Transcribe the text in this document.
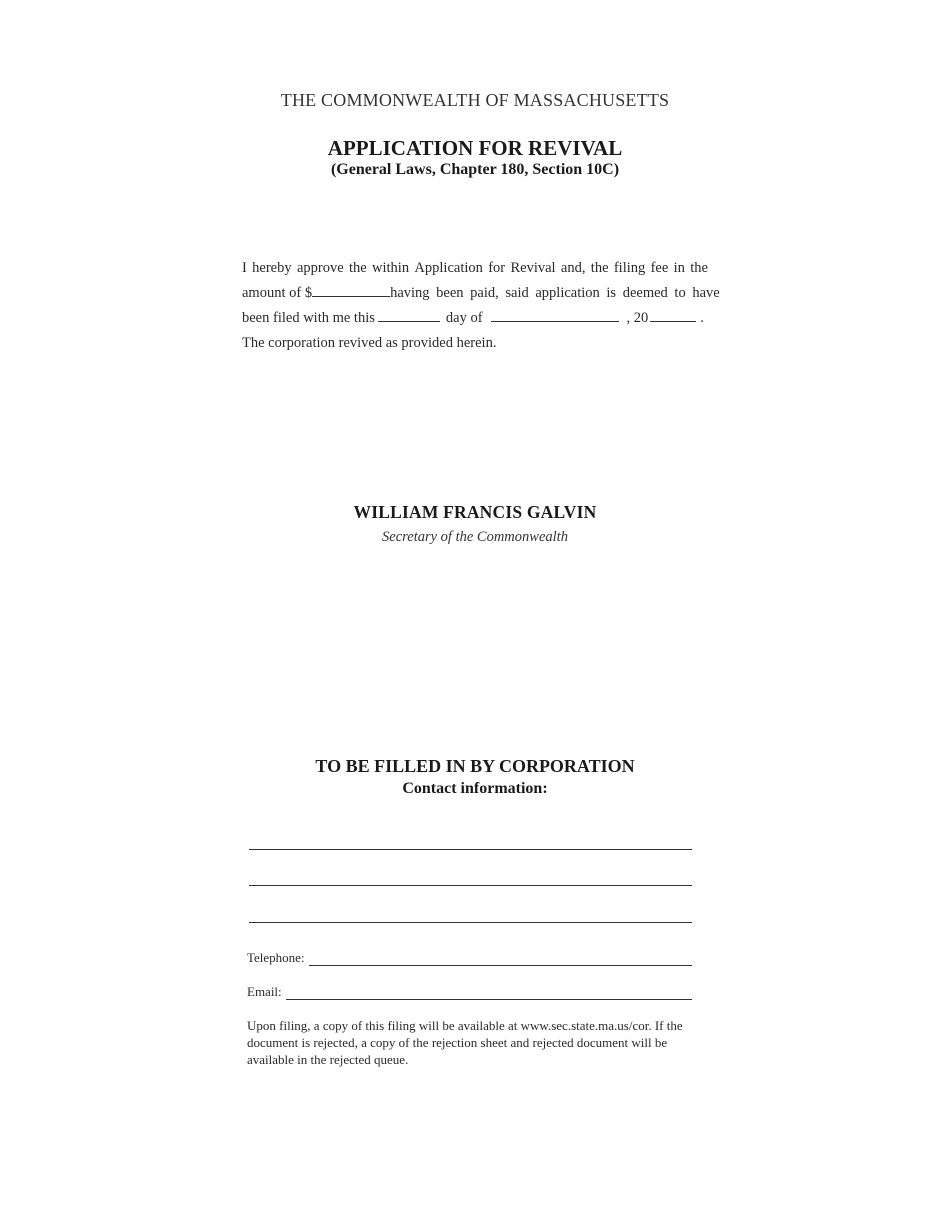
THE COMMONWEALTH OF MASSACHUSETTS
APPLICATION FOR REVIVAL
(General Laws, Chapter 180, Section 10C)
I hereby approve the within Application for Revival and, the filing fee in the
amount of $	having been paid, said application is deemed to have
been filed with me this	day of	, 20	.
The corporation revived as provided herein.
WILLIAM FRANCIS GALVIN
Secretary of the Commonwealth
TO BE FILLED IN BY CORPORATION
Contact information:
Telephone:
Email:
Upon filing, a copy of this filing will be available at www.sec.state.ma.us/cor. If the document is rejected, a copy of the rejection sheet and rejected document will be available in the rejected queue.
